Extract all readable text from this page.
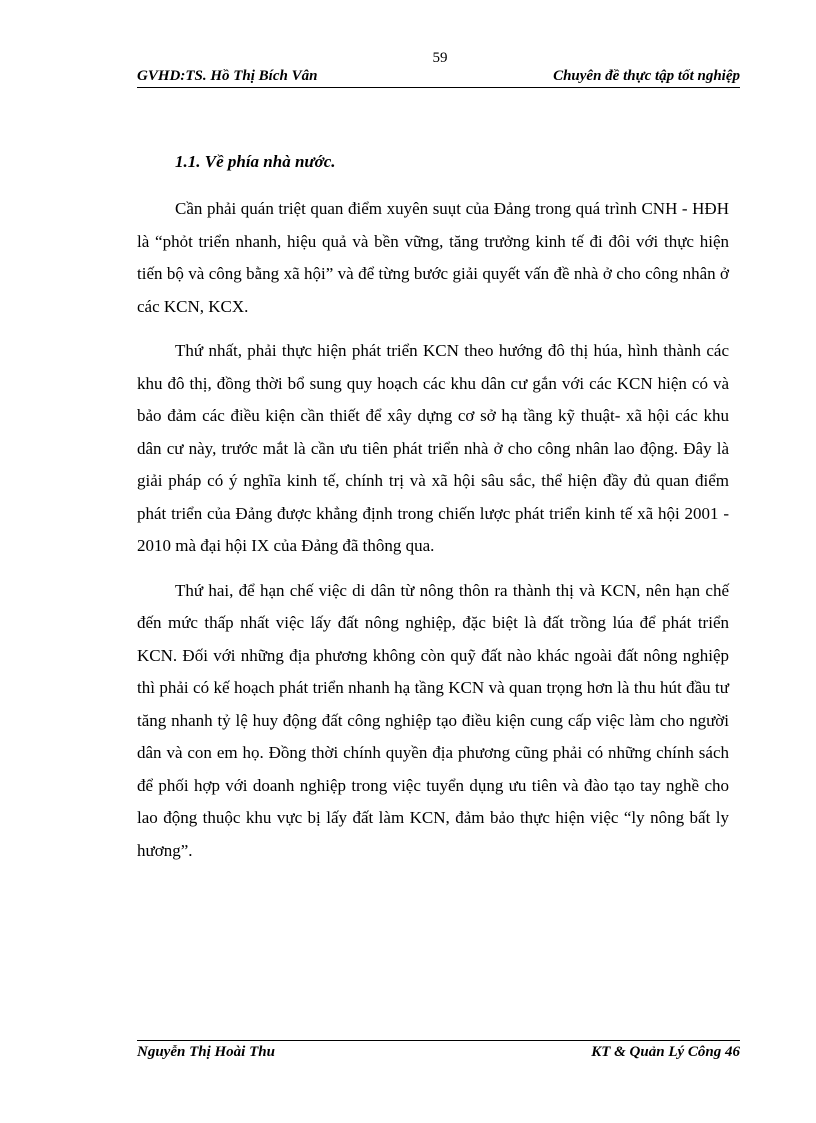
59
GVHD:TS. Hồ Thị Bích Vân	Chuyên đề thực tập tốt nghiệp
1.1. Về phía nhà nước.

Cần phải quán triệt quan điểm xuyên suụt của Đảng trong quá trình CNH - HĐH là “phỏt triển nhanh, hiệu quả và bền vững, tăng trưởng kinh tế đi đôi với thực hiện tiến bộ và công bằng xã hội” và để từng bước giải quyết vấn đề nhà ở cho công nhân ở các KCN, KCX.

Thứ nhất, phải thực hiện phát triển KCN theo hướng đô thị húa, hình thành các khu đô thị, đồng thời bổ sung quy hoạch các khu dân cư gắn với các KCN hiện có và bảo đảm các điều kiện cần thiết để xây dựng cơ sở hạ tầng kỹ thuật- xã hội các khu dân cư này, trước mắt là cần ưu tiên phát triển nhà ở cho công nhân lao động. Đây là giải pháp có ý nghĩa kinh tế, chính trị và xã hội sâu sắc, thể hiện đầy đủ quan điểm phát triển của Đảng được khẳng định trong chiến lược phát triển kinh tế xã hội 2001 - 2010 mà đại hội IX của Đảng đã thông qua.

Thứ hai, để hạn chế việc di dân từ nông thôn ra thành thị và KCN, nên hạn chế đến mức thấp nhất việc lấy đất nông nghiệp, đặc biệt là đất trồng lúa để phát triển KCN. Đối với những địa phương không còn quỹ đất nào khác ngoài đất nông nghiệp thì phải có kế hoạch phát triển nhanh hạ tầng KCN và quan trọng hơn là thu hút đầu tư tăng nhanh tỷ lệ huy động đất công nghiệp tạo điều kiện cung cấp việc làm cho người dân và con em họ. Đồng thời chính quyền địa phương cũng phải có những chính sách để phối hợp với doanh nghiệp trong việc tuyển dụng ưu tiên và đào tạo tay nghề cho lao động thuộc khu vực bị lấy đất làm KCN, đảm bảo thực hiện việc “ly nông bất ly hương”.

Nguyễn Thị Hoài Thu	KT & Quản Lý Công 46
